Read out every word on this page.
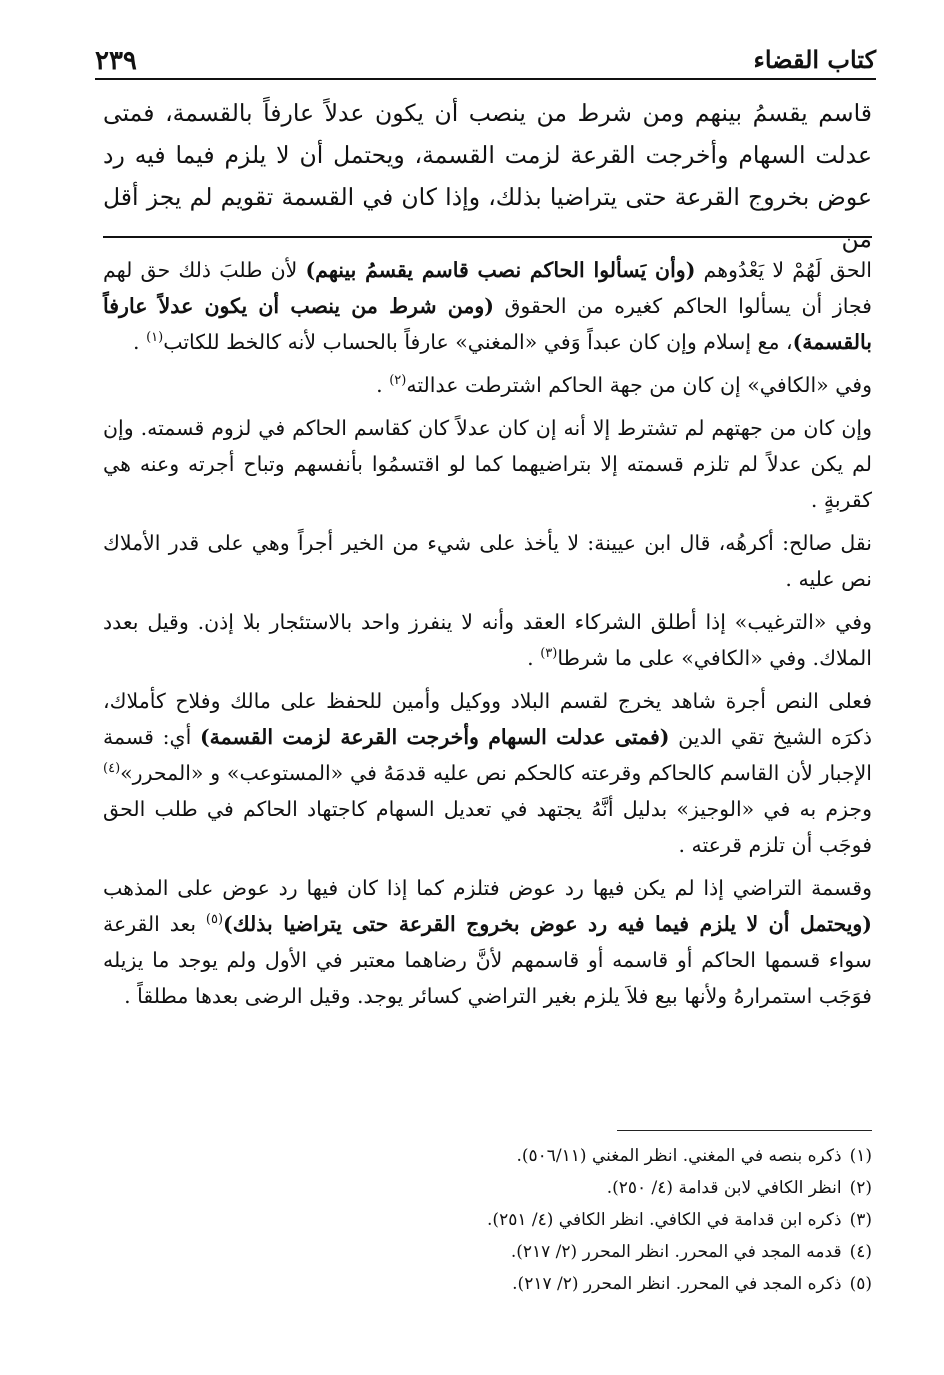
كتاب القضاء
٢٣٩

قاسم يقسمُ بينهم ومن شرط من ينصب أن يكون عدلاً عارفاً بالقسمة، فمتى عدلت السهام وأخرجت القرعة لزمت القسمة، ويحتمل أن لا يلزم فيما فيه رد عوض بخروج القرعة حتى يتراضيا بذلك، وإذا كان في القسمة تقويم لم يجز أقل من

الحق لَهُمْ لا يَعْدُوهم (وأن يَسألوا الحاكم نصب قاسم يقسمُ بينهم) لأن طلبَ ذلك حق لهم فجاز أن يسألوا الحاكم كغيره من الحقوق (ومن شرط من ينصب أن يكون عدلاً عارفاً بالقسمة)، مع إسلام وإن كان عبداً وَفي «المغني» عارفاً بالحساب لأنه كالخط للكاتب$^{(١)}$ .

وفي «الكافي» إن كان من جهة الحاكم اشترطت عدالته$^{(٢)}$ .

وإن كان من جهتهم لم تشترط إلا أنه إن كان عدلاً كان كقاسم الحاكم في لزوم قسمته. وإن لم يكن عدلاً لم تلزم قسمته إلا بتراضيهما كما لو اقتسمُوا بأنفسهم وتباح أجرته وعنه هي كقربةٍ .

نقل صالح: أكرهُه، قال ابن عيينة: لا يأخذ على شيء من الخير أجراً وهي على قدر الأملاك نص عليه .

وفي «الترغيب» إذا أطلق الشركاء العقد وأنه لا ينفرز واحد بالاستئجار بلا إذن. وقيل بعدد الملاك. وفي «الكافي» على ما شرطا$^{(٣)}$ .

فعلى النص أجرة شاهد يخرج لقسم البلاد ووكيل وأمين للحفظ على مالك وفلاح كأملاك، ذكرَه الشيخ تقي الدين (فمتى عدلت السهام وأخرجت القرعة لزمت القسمة) أي: قسمة الإجبار لأن القاسم كالحاكم وقرعته كالحكم نص عليه قدمَهُ في «المستوعب» و «المحرر»$^{(٤)}$ وجزم به في «الوجيز» بدليل أنَّهُ يجتهد في تعديل السهام كاجتهاد الحاكم في طلب الحق فوجَب أن تلزم قرعته .

وقسمة التراضي إذا لم يكن فيها رد عوض فتلزم كما إذا كان فيها رد عوض على المذهب (ويحتمل أن لا يلزم فيما فيه رد عوض بخروج القرعة حتى يتراضيا بذلك)$^{(٥)}$ بعد القرعة سواء قسمها الحاكم أو قاسمه أو قاسمهم لأنَّ رضاهما معتبر في الأول ولم يوجد ما يزيله فوَجَب استمرارهُ ولأنها بيع فلاَ يلزم بغير التراضي كسائر يوجد. وقيل الرضى بعدها مطلقاً .

(١)
ذكره بنصه في المغني. انظر المغني (٥٠٦/١١).
(٢)
انظر الكافي لابن قدامة (٤/ ٢٥٠).
(٣)
ذكره ابن قدامة في الكافي. انظر الكافي (٤/ ٢٥١).
(٤)
قدمه المجد في المحرر. انظر المحرر (٢/ ٢١٧).
(٥)
ذكره المجد في المحرر. انظر المحرر (٢/ ٢١٧).
